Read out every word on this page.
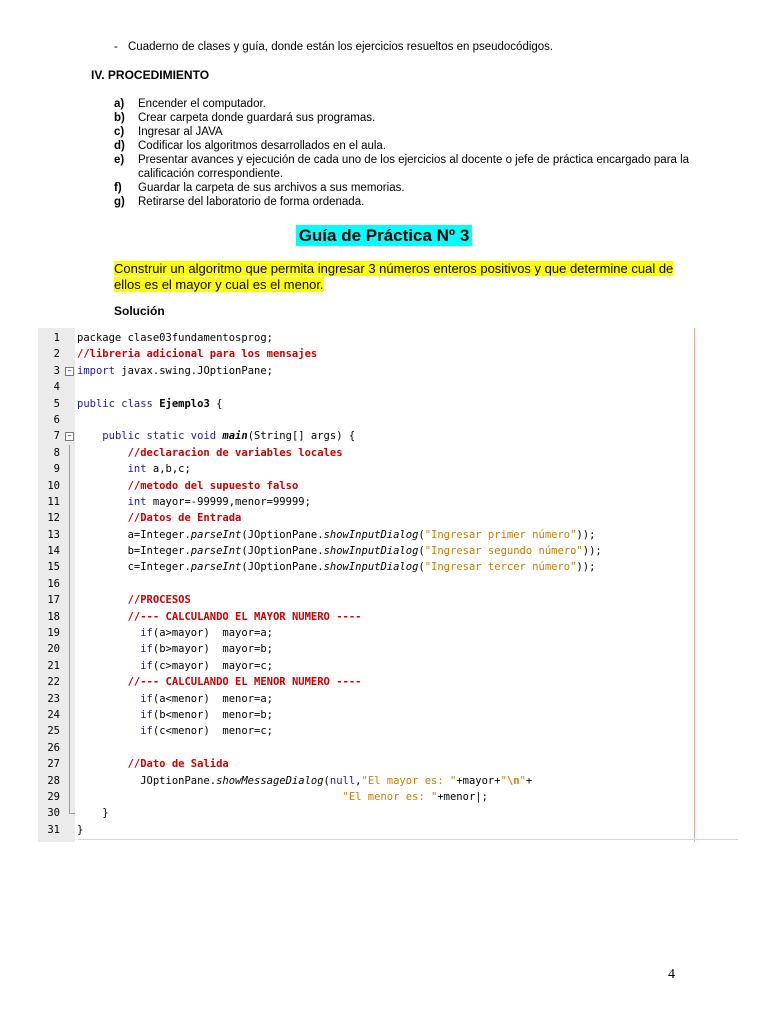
- Cuaderno de clases y guía, donde están los ejercicios resueltos en pseudocódigos.
IV. PROCEDIMIENTO
a)	Encender el computador.
b)	Crear carpeta donde guardará sus programas.
c)	Ingresar al JAVA
d)	Codificar los algoritmos desarrollados en el aula.
e)	Presentar avances y ejecución de cada uno de los ejercicios al docente o jefe de práctica encargado para la calificación correspondiente.
f)	Guardar la carpeta de sus archivos a sus memorias.
g)	Retirarse del laboratorio de forma ordenada.
Guía de Práctica Nº 3
Construir un algoritmo que permita ingresar 3 números enteros positivos y que determine cual de ellos es el mayor y cual es el menor.
Solución
1 package clase03fundamentosprog;
2 //libreria adicional para los mensajes
3	− import javax.swing.JOptionPane;
4
5 public class Ejemplo3 {
6
7	−	public static void main(String[] args) {
8	//declaracion de variables locales
9	int a,b,c;
10	//metodo del supuesto falso
11	int mayor=-99999,menor=99999;
12	//Datos de Entrada
13 a=Integer.parseInt(JOptionPane.showInputDialog("Ingresar primer número"));
14 b=Integer.parseInt(JOptionPane.showInputDialog("Ingresar segundo número"));
15 c=Integer.parseInt(JOptionPane.showInputDialog("Ingresar tercer número"));
16
17	//PROCESOS
18	//--- CALCULANDO EL MAYOR NUMERO ----
19	if(a>mayor)  mayor=a;
20	if(b>mayor)  mayor=b;
21	if(c>mayor)  mayor=c;
22	//--- CALCULANDO EL MENOR NUMERO ----
23	if(a<menor)  menor=a;
24	if(b<menor)  menor=b;
25	if(c<menor)  menor=c;
26
27	//Dato de Salida
28 JOptionPane.showMessageDialog(null,"El mayor es: "+mayor+"\n"+
29	"El menor es: "+menor|;
30 }
31 }
4
